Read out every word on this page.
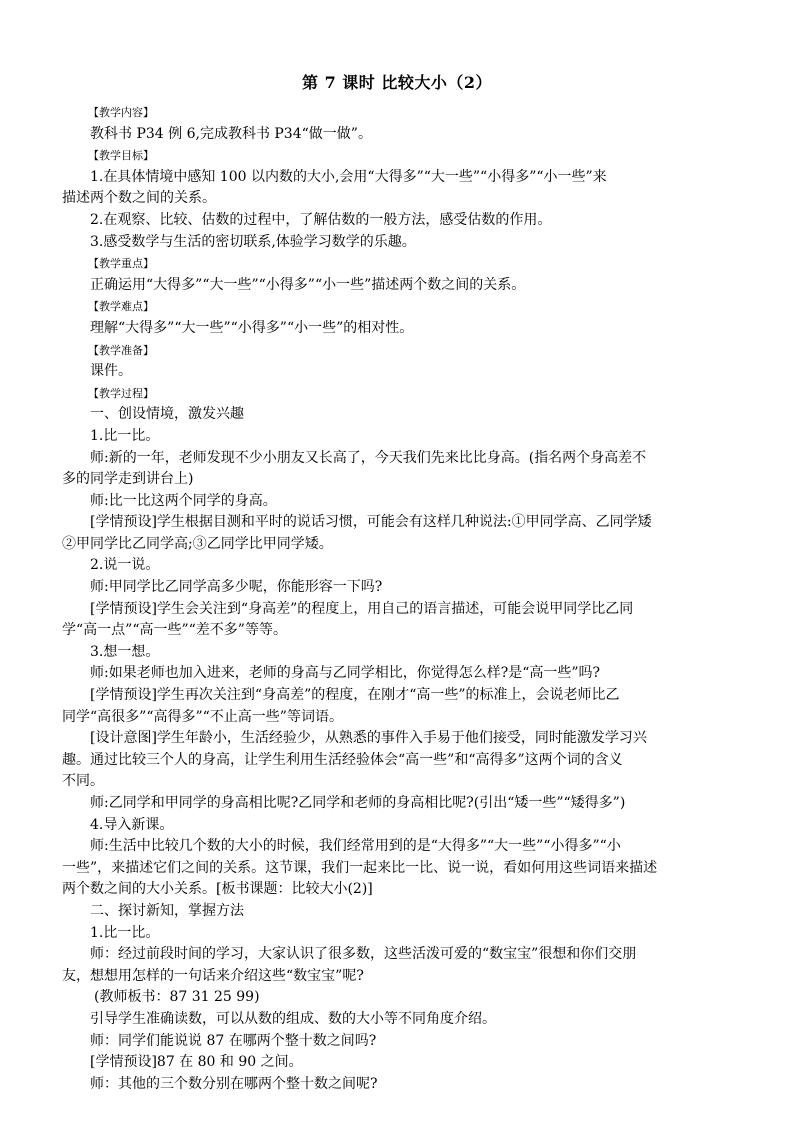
第 7 课时 比较大小（2）

【教学内容】

教科书 P34 例 6,完成教科书 P34“做一做”。

【教学目标】

1.在具体情境中感知 100 以内数的大小,会用“大得多”“大一些”“小得多”“小一些”来

描述两个数之间的关系。

2.在观察、比较、估数的过程中，了解估数的一般方法，感受估数的作用。

3.感受数学与生活的密切联系,体验学习数学的乐趣。

【教学重点】

正确运用“大得多”“大一些”“小得多”“小一些”描述两个数之间的关系。

【教学难点】

理解“大得多”“大一些”“小得多”“小一些”的相对性。

【教学准备】

课件。

【教学过程】

一、创设情境，激发兴趣

1.比一比。

师:新的一年，老师发现不少小朋友又长高了，今天我们先来比比身高。(指名两个身高差不

多的同学走到讲台上)

师:比一比这两个同学的身高。

[学情预设]学生根据目测和平时的说话习惯，可能会有这样几种说法:①甲同学高、乙同学矮

②甲同学比乙同学高;③乙同学比甲同学矮。

2.说一说。

师:甲同学比乙同学高多少呢，你能形容一下吗?

[学情预设]学生会关注到“身高差”的程度上，用自己的语言描述，可能会说甲同学比乙同

学“高一点”“高一些”“差不多”等等。

3.想一想。

师:如果老师也加入进来，老师的身高与乙同学相比，你觉得怎么样?是“高一些”吗?

[学情预设]学生再次关注到“身高差”的程度，在刚才“高一些”的标准上，会说老师比乙

同学“高很多”“高得多”“不止高一些”等词语。

[设计意图]学生年龄小，生活经验少，从熟悉的事件入手易于他们接受，同时能激发学习兴

趣。通过比较三个人的身高，让学生利用生活经验体会“高一些”和“高得多”这两个词的含义

不同。

师:乙同学和甲同学的身高相比呢?乙同学和老师的身高相比呢?(引出“矮一些”“矮得多”)

4.导入新课。

师:生活中比较几个数的大小的时候，我们经常用到的是“大得多”“大一些”“小得多”“小

一些”，来描述它们之间的关系。这节课，我们一起来比一比、说一说，看如何用这些词语来描述

两个数之间的大小关系。[板书课题：比较大小(2)]

二、探讨新知，掌握方法

1.比一比。

师：经过前段时间的学习，大家认识了很多数，这些活泼可爱的“数宝宝”很想和你们交朋

友，想想用怎样的一句话来介绍这些“数宝宝”呢?

(教师板书：87 31 25 99)

引导学生准确读数，可以从数的组成、数的大小等不同角度介绍。

师：同学们能说说 87 在哪两个整十数之间吗?

[学情预设]87 在 80 和 90 之间。

师：其他的三个数分别在哪两个整十数之间呢?
